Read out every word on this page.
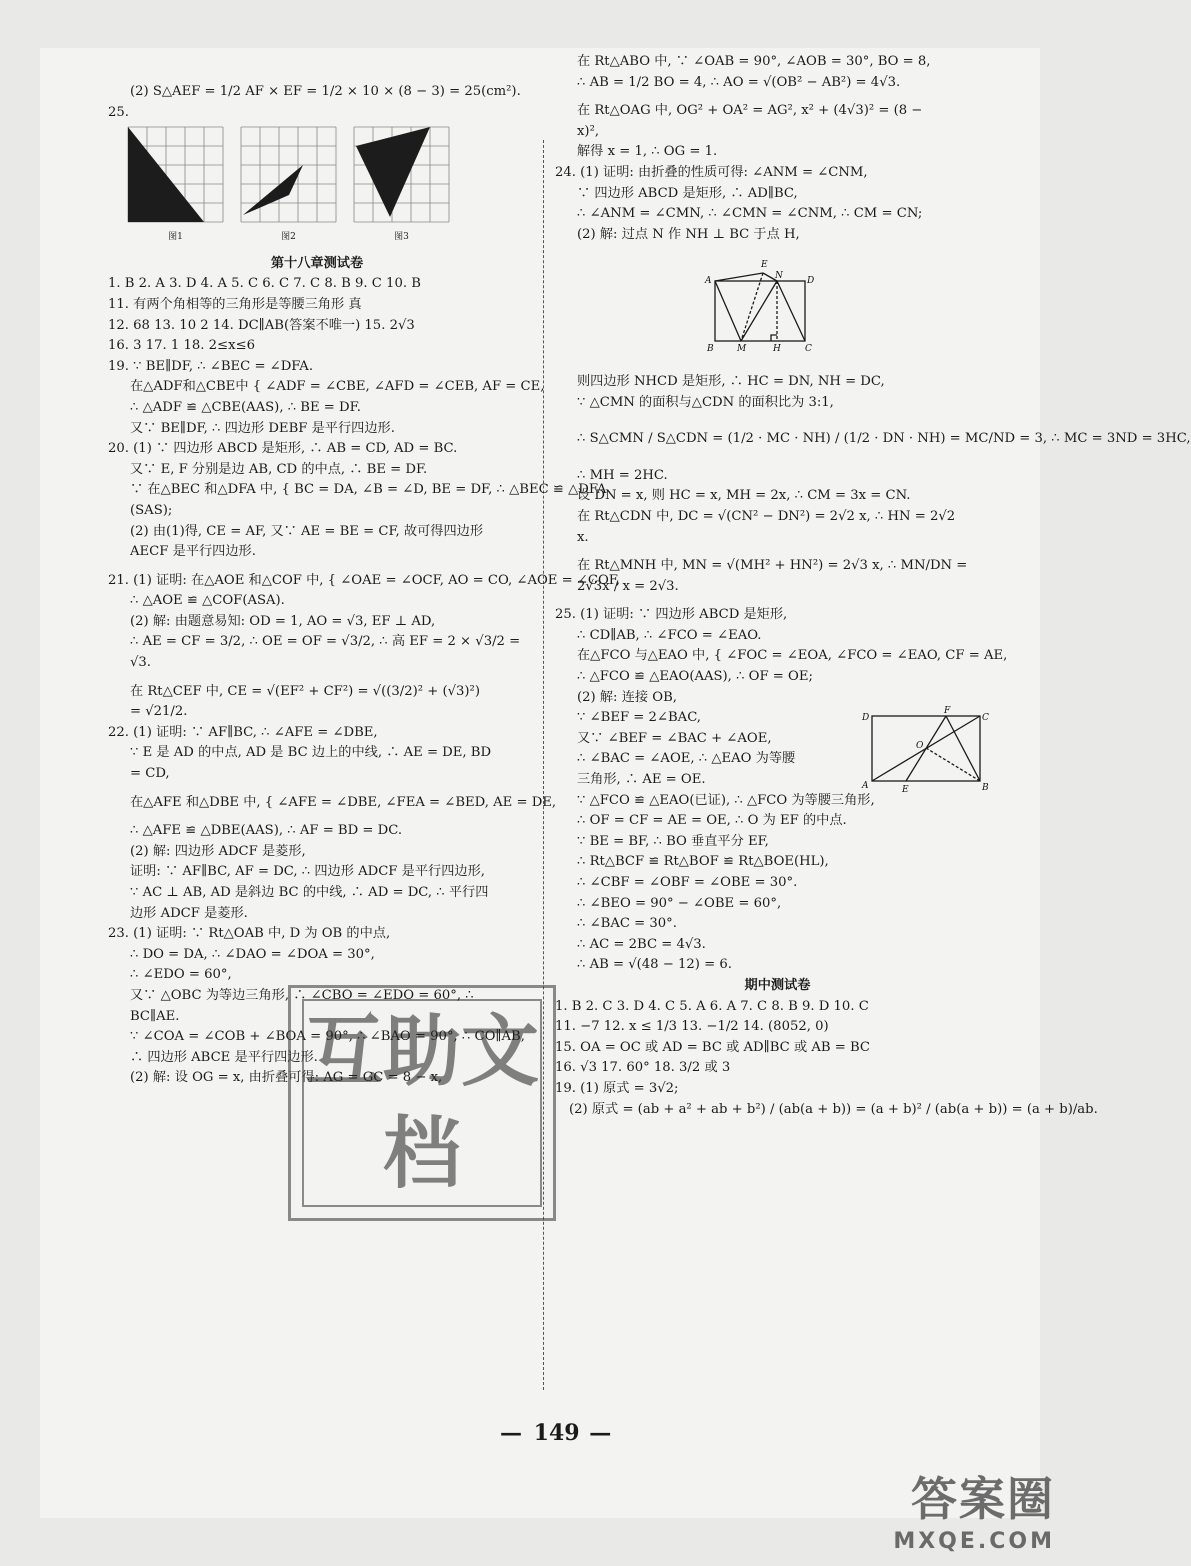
(2) S△AEF = 1/2 AF × EF = 1/2 × 10 × (8 − 3) = 25(cm²).
25.
图1	图2	图3
第十八章测试卷
1. B 2. A 3. D 4. A 5. C 6. C 7. C 8. B 9. C 10. B
11. 有两个角相等的三角形是等腰三角形 真
12. 68 13. 10 2 14. DC∥AB(答案不唯一) 15. 2√3
16. 3 17. 1 18. 2≤x≤6
19. ∵ BE∥DF, ∴ ∠BEC = ∠DFA.
在△ADF和△CBE中 { ∠ADF = ∠CBE, ∠AFD = ∠CEB, AF = CE,
∴ △ADF ≌ △CBE(AAS), ∴ BE = DF.
又∵ BE∥DF, ∴ 四边形 DEBF 是平行四边形.
20. (1) ∵ 四边形 ABCD 是矩形, ∴ AB = CD, AD = BC.
又∵ E, F 分别是边 AB, CD 的中点, ∴ BE = DF.
∵ 在△BEC 和△DFA 中, { BC = DA, ∠B = ∠D, BE = DF, ∴ △BEC ≌ △DFA
(SAS);
(2) 由(1)得, CE = AF, 又∵ AE = BE = CF, 故可得四边形
AECF 是平行四边形.
21. (1) 证明: 在△AOE 和△COF 中, { ∠OAE = ∠OCF, AO = CO, ∠AOE = ∠COF,
∴ △AOE ≌ △COF(ASA).
(2) 解: 由题意易知: OD = 1, AO = √3, EF ⊥ AD,
∴ AE = CF = 3/2, ∴ OE = OF = √3/2, ∴ 高 EF = 2 × √3/2 =
√3.
在 Rt△CEF 中, CE = √(EF² + CF²) = √((3/2)² + (√3)²)
= √21/2.
22. (1) 证明: ∵ AF∥BC, ∴ ∠AFE = ∠DBE,
∵ E 是 AD 的中点, AD 是 BC 边上的中线, ∴ AE = DE, BD
= CD,
在△AFE 和△DBE 中, { ∠AFE = ∠DBE, ∠FEA = ∠BED, AE = DE,
∴ △AFE ≌ △DBE(AAS), ∴ AF = BD = DC.
(2) 解: 四边形 ADCF 是菱形,
证明: ∵ AF∥BC, AF = DC, ∴ 四边形 ADCF 是平行四边形,
∵ AC ⊥ AB, AD 是斜边 BC 的中线, ∴ AD = DC, ∴ 平行四
边形 ADCF 是菱形.
23. (1) 证明: ∵ Rt△OAB 中, D 为 OB 的中点,
∴ DO = DA, ∴ ∠DAO = ∠DOA = 30°,
∴ ∠EDO = 60°,
又∵ △OBC 为等边三角形, ∴ ∠CBO = ∠EDO = 60°, ∴
BC∥AE.
∵ ∠COA = ∠COB + ∠BOA = 90°, ∴ ∠BAO = 90°, ∴ CO∥AB,
∴ 四边形 ABCE 是平行四边形.
(2) 解: 设 OG = x, 由折叠可得: AG = GC = 8 − x,
在 Rt△ABO 中, ∵ ∠OAB = 90°, ∠AOB = 30°, BO = 8,
∴ AB = 1/2 BO = 4, ∴ AO = √(OB² − AB²) = 4√3.
在 Rt△OAG 中, OG² + OA² = AG², x² + (4√3)² = (8 −
x)²,
解得 x = 1, ∴ OG = 1.
24. (1) 证明: 由折叠的性质可得: ∠ANM = ∠CNM,
∵ 四边形 ABCD 是矩形, ∴ AD∥BC,
∴ ∠ANM = ∠CMN, ∴ ∠CMN = ∠CNM, ∴ CM = CN;
(2) 解: 过点 N 作 NH ⊥ BC 于点 H,
A
E
N	D
B	M	H	C
则四边形 NHCD 是矩形, ∴ HC = DN, NH = DC,
∵ △CMN 的面积与△CDN 的面积比为 3:1,
∴ S△CMN / S△CDN = (1/2 · MC · NH) / (1/2 · DN · NH) = MC/ND = 3, ∴ MC = 3ND = 3HC,
∴ MH = 2HC.
设 DN = x, 则 HC = x, MH = 2x, ∴ CM = 3x = CN.
在 Rt△CDN 中, DC = √(CN² − DN²) = 2√2 x, ∴ HN = 2√2
x.
在 Rt△MNH 中, MN = √(MH² + HN²) = 2√3 x, ∴ MN/DN =
2√3x / x = 2√3.
25. (1) 证明: ∵ 四边形 ABCD 是矩形,
∴ CD∥AB, ∴ ∠FCO = ∠EAO.
在△FCO 与△EAO 中, { ∠FOC = ∠EOA, ∠FCO = ∠EAO, CF = AE,
∴ △FCO ≌ △EAO(AAS), ∴ OF = OE;
(2) 解: 连接 OB,
D
F
C
O
A	E	B
∵ ∠BEF = 2∠BAC,
又∵ ∠BEF = ∠BAC + ∠AOE,
∴ ∠BAC = ∠AOE, ∴ △EAO 为等腰
三角形, ∴ AE = OE.
∵ △FCO ≌ △EAO(已证), ∴ △FCO 为等腰三角形,
∴ OF = CF = AE = OE, ∴ O 为 EF 的中点.
∵ BE = BF, ∴ BO 垂直平分 EF,
∴ Rt△BCF ≌ Rt△BOF ≌ Rt△BOE(HL),
∴ ∠CBF = ∠OBF = ∠OBE = 30°.
∴ ∠BEO = 90° − ∠OBE = 60°,
∴ ∠BAC = 30°.
∴ AC = 2BC = 4√3.
∴ AB = √(48 − 12) = 6.
期中测试卷
1. B 2. C 3. D 4. C 5. A 6. A 7. C 8. B 9. D 10. C
11. −7 12. x ≤ 1/3 13. −1/2 14. (8052, 0)
15. OA = OC 或 AD = BC 或 AD∥BC 或 AB = BC
16. √3 17. 60° 18. 3/2 或 3
19. (1) 原式 = 3√2;
(2) 原式 = (ab + a² + ab + b²) / (ab(a + b)) = (a + b)² / (ab(a + b)) = (a + b)/ab.
互 助 文
档
— 149 —
答案圈
MXQE.COM
